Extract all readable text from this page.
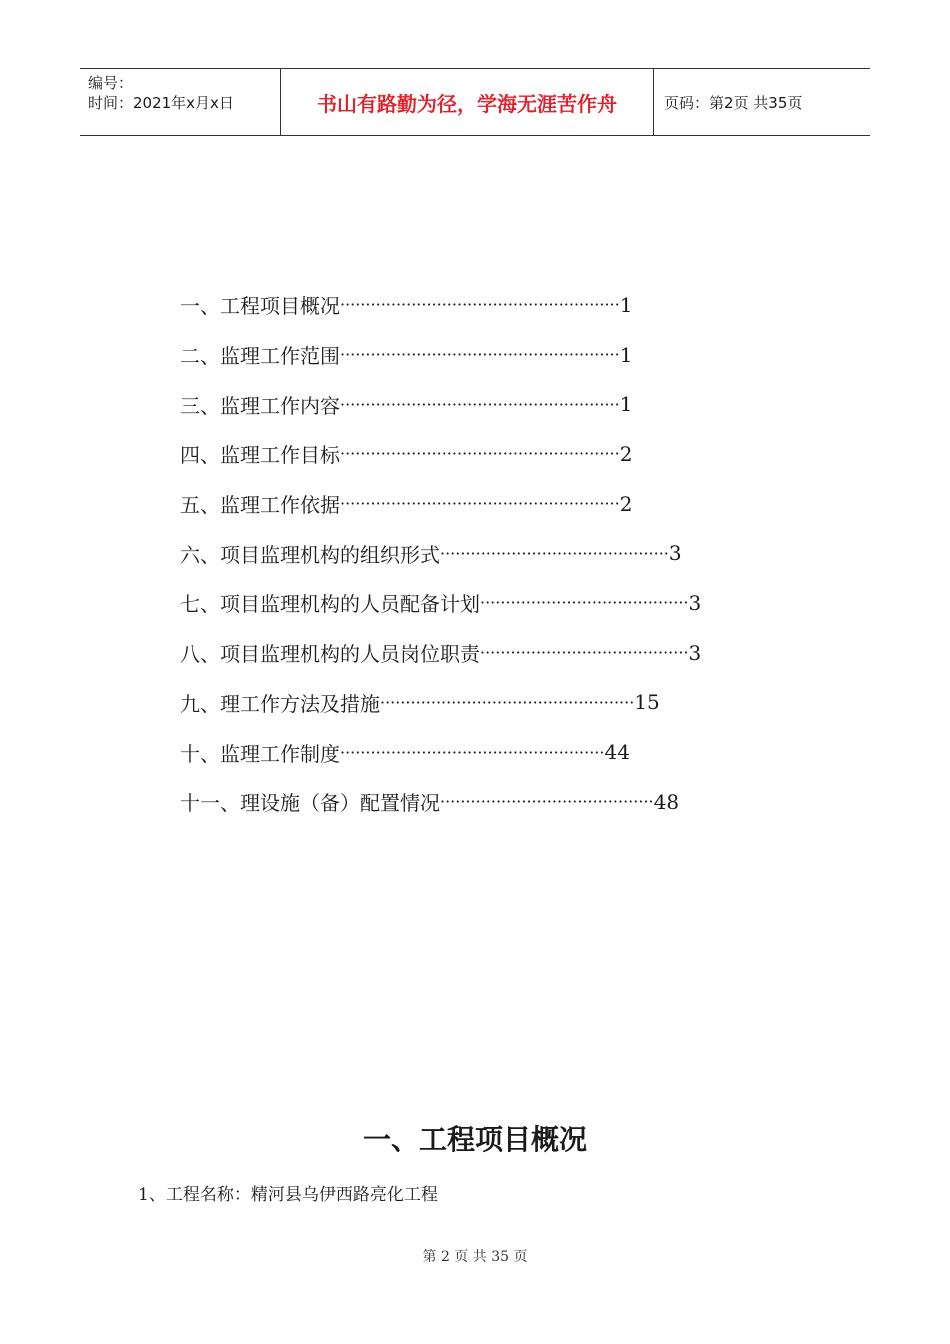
编号：
时间：2021年x月x日	书山有路勤为径，学海无涯苦作舟	页码：第2页 共35页
一、工程项目概况 ······················································· 1
二、监理工作范围 ······················································· 1
三、监理工作内容 ······················································· 1
四、监理工作目标 ······················································· 2
五、监理工作依据 ······················································· 2
六、项目监理机构的组织形式 ············································· 3
七、项目监理机构的人员配备计划 ········································· 3
八、项目监理机构的人员岗位职责 ········································· 3
九、理工作方法及措施 ·················································· 15
十、监理工作制度 ···················································· 44
十一、理设施（备）配置情况 ·········································· 48
一、工程项目概况
1、工程名称：精河县乌伊西路亮化工程
第 2 页 共 35 页
